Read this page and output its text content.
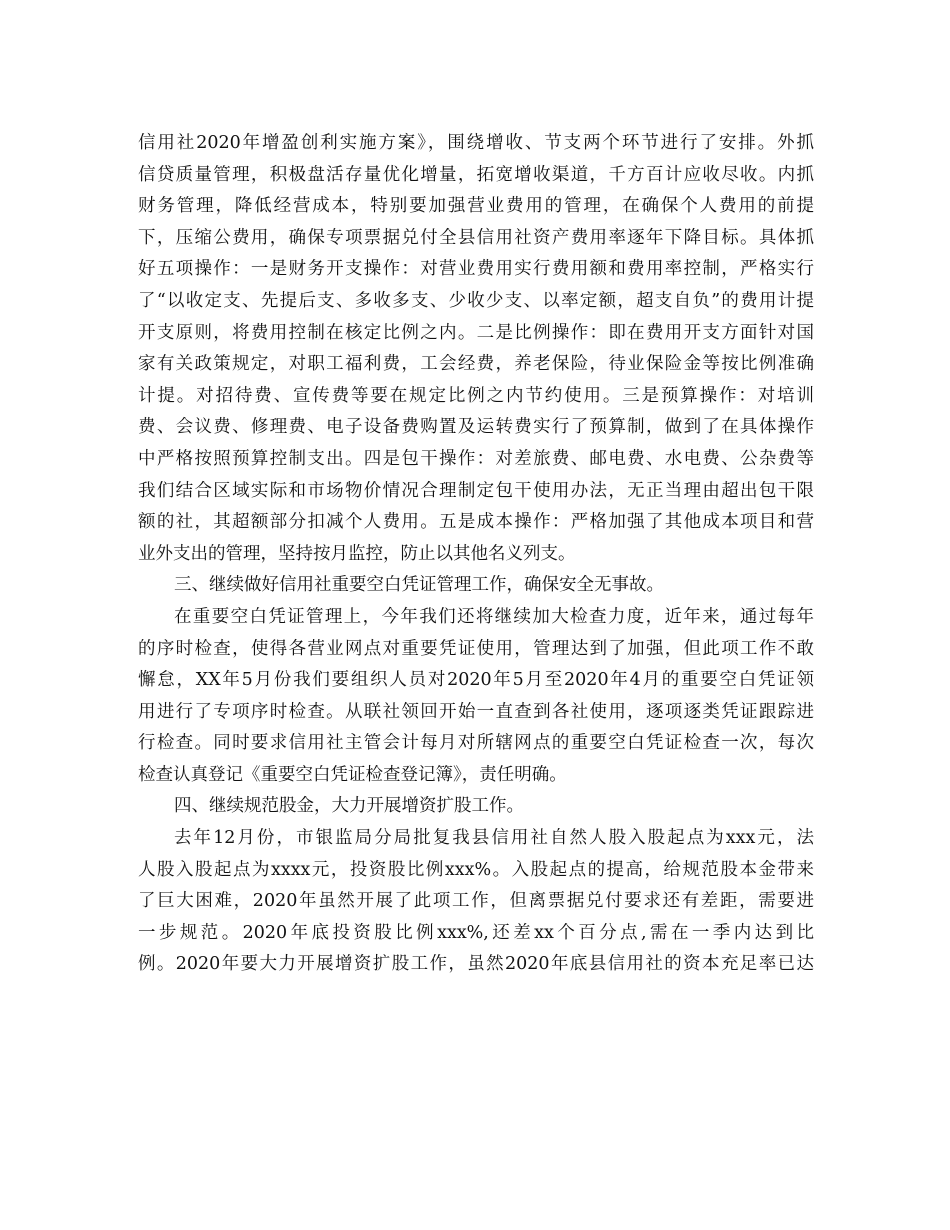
信用社2020年增盈创利实施方案》，围绕增收、节支两个环节进行了安排。外抓
信贷质量管理，积极盘活存量优化增量，拓宽增收渠道，千方百计应收尽收。内抓
财务管理，降低经营成本，特别要加强营业费用的管理，在确保个人费用的前提
下，压缩公费用，确保专项票据兑付全县信用社资产费用率逐年下降目标。具体抓
好五项操作：一是财务开支操作：对营业费用实行费用额和费用率控制，严格实行
了“以收定支、先提后支、多收多支、少收少支、以率定额，超支自负”的费用计提
开支原则，将费用控制在核定比例之内。二是比例操作：即在费用开支方面针对国
家有关政策规定，对职工福利费，工会经费，养老保险，待业保险金等按比例准确
计提。对招待费、宣传费等要在规定比例之内节约使用。三是预算操作：对培训
费、会议费、修理费、电子设备费购置及运转费实行了预算制，做到了在具体操作
中严格按照预算控制支出。四是包干操作：对差旅费、邮电费、水电费、公杂费等
我们结合区域实际和市场物价情况合理制定包干使用办法，无正当理由超出包干限
额的社，其超额部分扣减个人费用。五是成本操作：严格加强了其他成本项目和营
业外支出的管理，坚持按月监控，防止以其他名义列支。
三、继续做好信用社重要空白凭证管理工作，确保安全无事故。
在重要空白凭证管理上，今年我们还将继续加大检查力度，近年来，通过每年
的序时检查，使得各营业网点对重要凭证使用，管理达到了加强，但此项工作不敢
懈怠，XX年5月份我们要组织人员对2020年5月至2020年4月的重要空白凭证领
用进行了专项序时检查。从联社领回开始一直查到各社使用，逐项逐类凭证跟踪进
行检查。同时要求信用社主管会计每月对所辖网点的重要空白凭证检查一次，每次
检查认真登记《重要空白凭证检查登记簿》，责任明确。
四、继续规范股金，大力开展增资扩股工作。
去年12月份，市银监局分局批复我县信用社自然人股入股起点为xxx元，法
人股入股起点为xxxx元，投资股比例xxx%。入股起点的提高，给规范股本金带来
了巨大困难，2020年虽然开展了此项工作，但离票据兑付要求还有差距，需要进
一步规范。2020年底投资股比例xxx%,还差xx个百分点,需在一季内达到比
例。2020年要大力开展增资扩股工作，虽然2020年底县信用社的资本充足率已达
